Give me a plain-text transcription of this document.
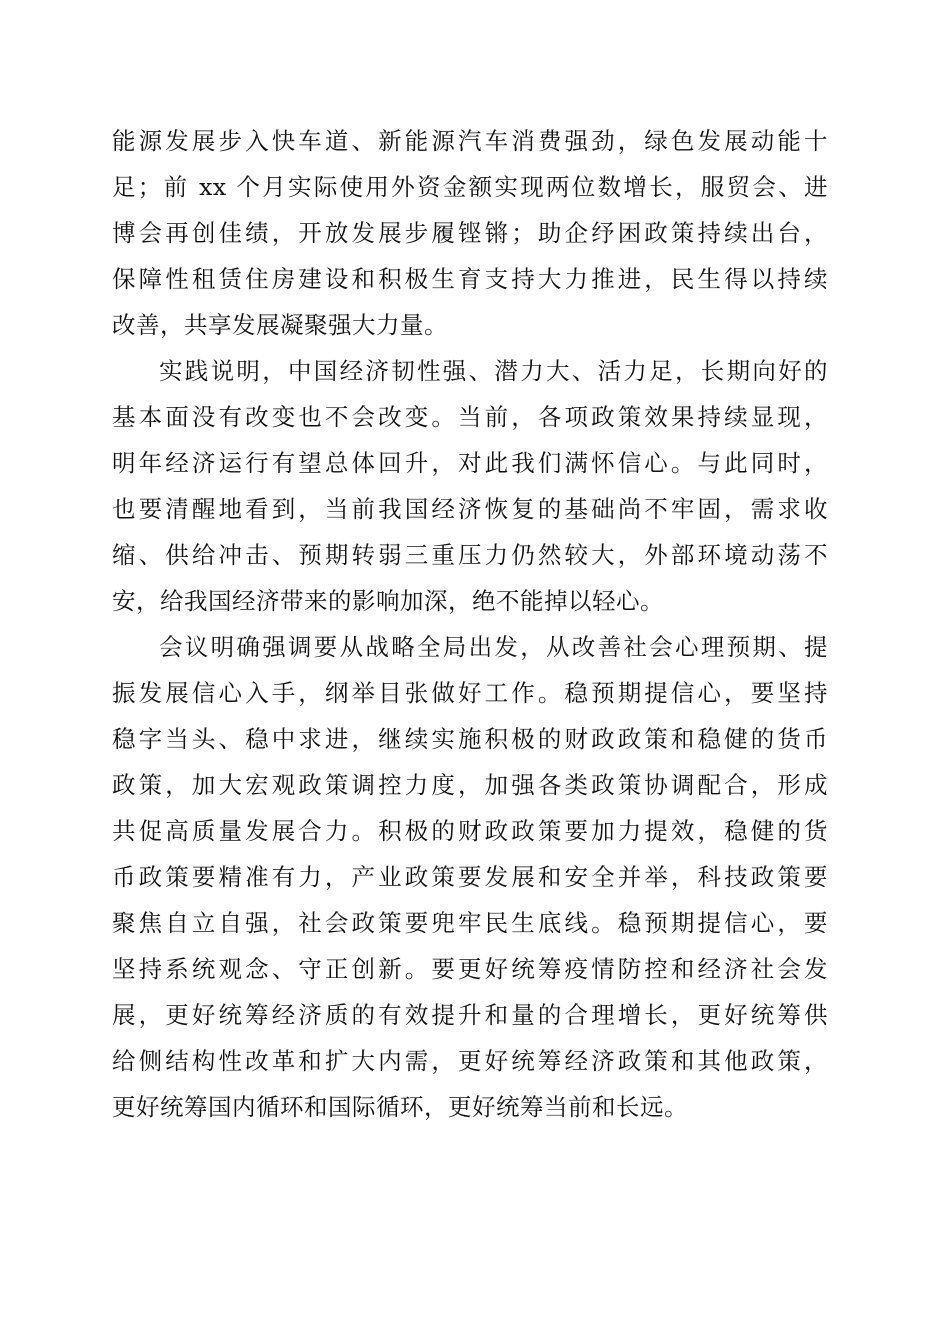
能源发展步入快车道、新能源汽车消费强劲，绿色发展动能十
足；前 xx 个月实际使用外资金额实现两位数增长，服贸会、进
博会再创佳绩，开放发展步履铿锵；助企纾困政策持续出台，
保障性租赁住房建设和积极生育支持大力推进，民生得以持续
改善，共享发展凝聚强大力量。
实践说明，中国经济韧性强、潜力大、活力足，长期向好的
基本面没有改变也不会改变。当前，各项政策效果持续显现，
明年经济运行有望总体回升，对此我们满怀信心。与此同时，
也要清醒地看到，当前我国经济恢复的基础尚不牢固，需求收
缩、供给冲击、预期转弱三重压力仍然较大，外部环境动荡不
安，给我国经济带来的影响加深，绝不能掉以轻心。
会议明确强调要从战略全局出发，从改善社会心理预期、提
振发展信心入手，纲举目张做好工作。稳预期提信心，要坚持
稳字当头、稳中求进，继续实施积极的财政政策和稳健的货币
政策，加大宏观政策调控力度，加强各类政策协调配合，形成
共促高质量发展合力。积极的财政政策要加力提效，稳健的货
币政策要精准有力，产业政策要发展和安全并举，科技政策要
聚焦自立自强，社会政策要兜牢民生底线。稳预期提信心，要
坚持系统观念、守正创新。要更好统筹疫情防控和经济社会发
展，更好统筹经济质的有效提升和量的合理增长，更好统筹供
给侧结构性改革和扩大内需，更好统筹经济政策和其他政策，
更好统筹国内循环和国际循环，更好统筹当前和长远。
